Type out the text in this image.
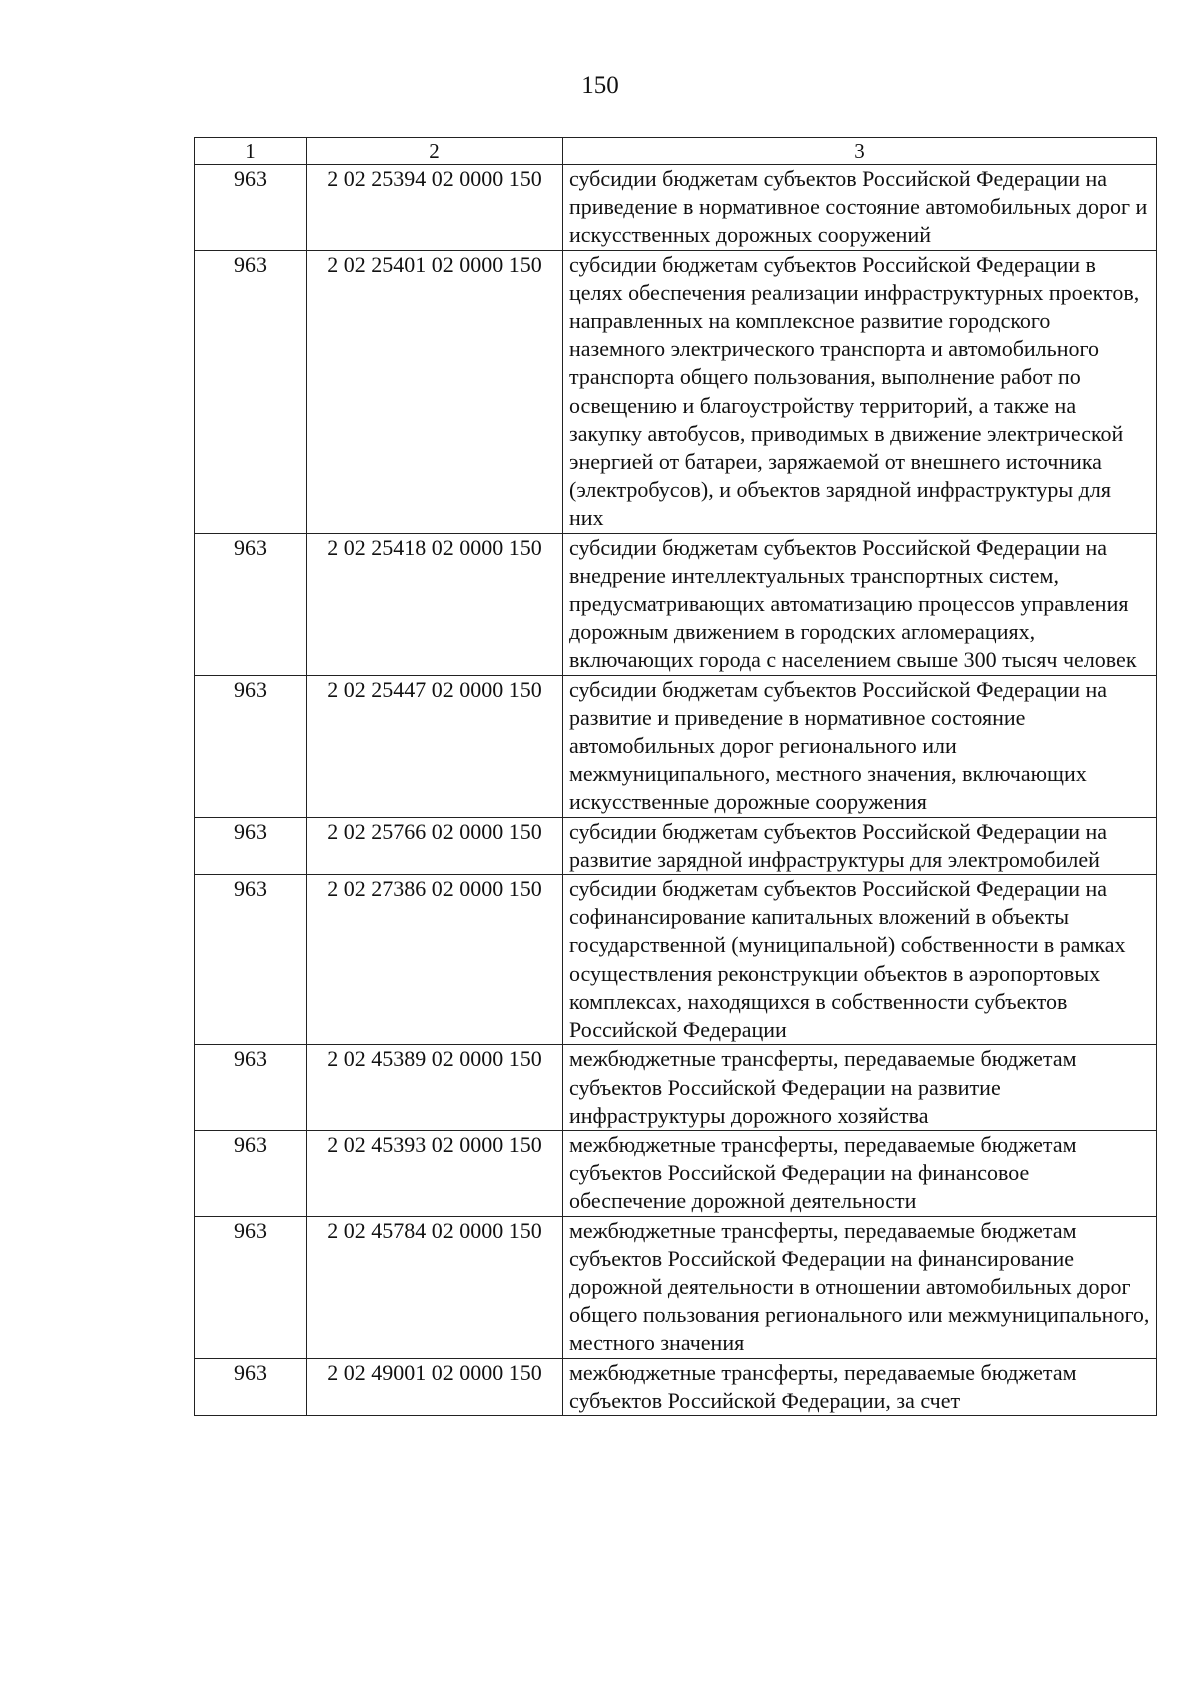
150
1	2	3
963	2 02 25394 02 0000 150	субсидии бюджетам субъектов Российской Федерации на приведение в нормативное состояние автомобильных дорог и искусственных дорожных сооружений
963	2 02 25401 02 0000 150	субсидии бюджетам субъектов Российской Федерации в целях обеспечения реализации инфраструктурных проектов, направленных на комплексное развитие городского наземного электрического транспорта и автомобильного транспорта общего пользования, выполнение работ по освещению и благоустройству территорий, а также на закупку автобусов, приводимых в движение электрической энергией от батареи, заряжаемой от внешнего источника (электробусов), и объектов зарядной инфраструктуры для них
963	2 02 25418 02 0000 150	субсидии бюджетам субъектов Российской Федерации на внедрение интеллектуальных транспортных систем, предусматривающих автоматизацию процессов управления дорожным движением в городских агломерациях, включающих города с населением свыше 300 тысяч человек
963	2 02 25447 02 0000 150	субсидии бюджетам субъектов Российской Федерации на развитие и приведение в нормативное состояние автомобильных дорог регионального или межмуниципального, местного значения, включающих искусственные дорожные сооружения
963	2 02 25766 02 0000 150	субсидии бюджетам субъектов Российской Федерации на развитие зарядной инфраструктуры для электромобилей
963	2 02 27386 02 0000 150	субсидии бюджетам субъектов Российской Федерации на софинансирование капитальных вложений в объекты государственной (муниципальной) собственности в рамках осуществления реконструкции объектов в аэропортовых комплексах, находящихся в собственности субъектов Российской Федерации
963	2 02 45389 02 0000 150	межбюджетные трансферты, передаваемые бюджетам субъектов Российской Федерации на развитие инфраструктуры дорожного хозяйства
963	2 02 45393 02 0000 150	межбюджетные трансферты, передаваемые бюджетам субъектов Российской Федерации на финансовое обеспечение дорожной деятельности
963	2 02 45784 02 0000 150	межбюджетные трансферты, передаваемые бюджетам субъектов Российской Федерации на финансирование дорожной деятельности в отношении автомобильных дорог общего пользования регионального или межмуниципального, местного значения
963	2 02 49001 02 0000 150	межбюджетные трансферты, передаваемые бюджетам субъектов Российской Федерации, за счет
